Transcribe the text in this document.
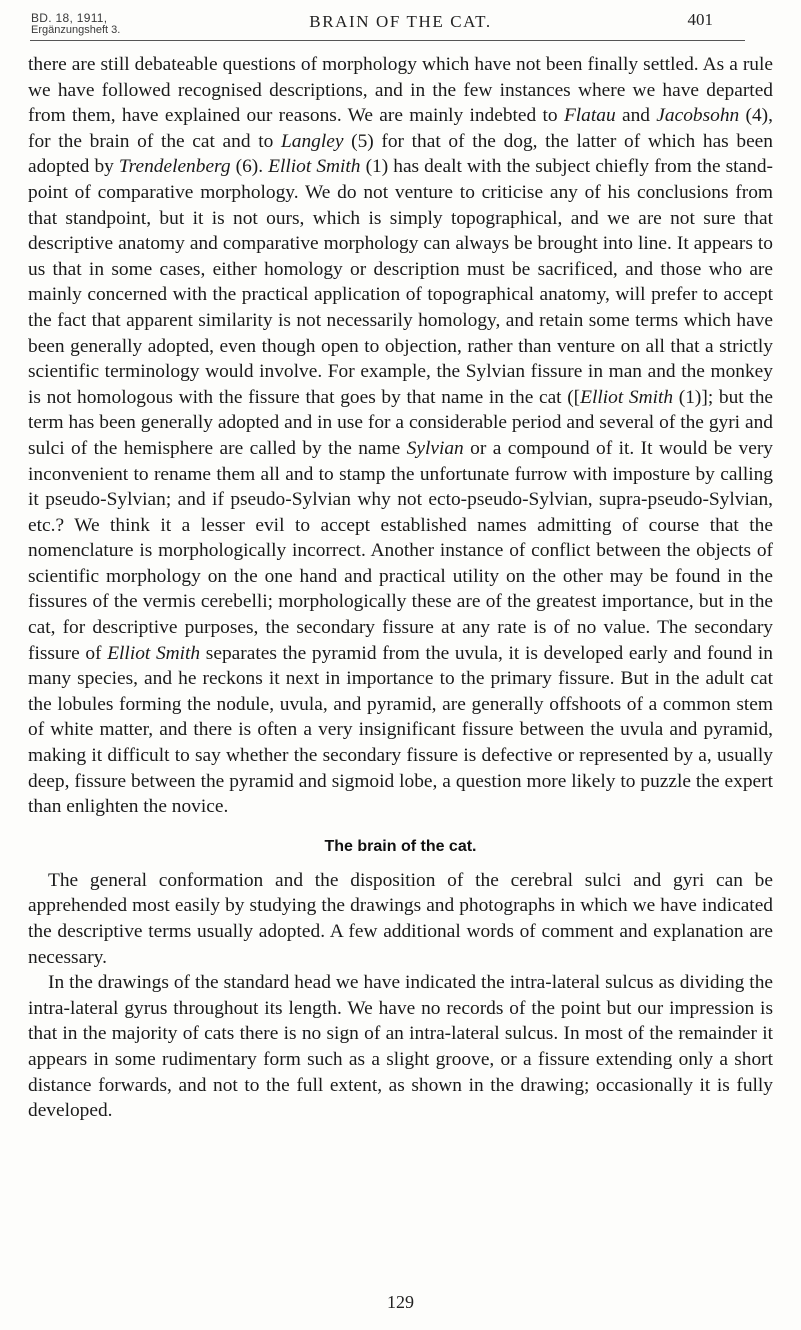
BD. 18, 1911,
Ergänzungsheft 3.	BRAIN OF THE CAT.	401

there are still debateable questions of morphology which have not been finally settled. As a rule we have followed recognised descriptions, and in the few instances where we have departed from them, have explained our reasons. We are mainly indebted to Flatau and Jacobsohn (4), for the brain of the cat and to Langley (5) for that of the dog, the latter of which has been adopted by Trendelenberg (6). Elliot Smith (1) has dealt with the subject chiefly from the stand-point of comparative morphology. We do not venture to criticise any of his conclusions from that standpoint, but it is not ours, which is simply topographical, and we are not sure that descriptive anatomy and comparative morphology can always be brought into line. It appears to us that in some cases, either homology or description must be sacrificed, and those who are mainly concerned with the practical application of topographical anatomy, will prefer to accept the fact that apparent similarity is not necessarily homology, and retain some terms which have been generally adopted, even though open to objection, rather than venture on all that a strictly scientific terminology would involve. For example, the Sylvian fissure in man and the monkey is not homologous with the fissure that goes by that name in the cat ([Elliot Smith (1)]; but the term has been generally adopted and in use for a considerable period and several of the gyri and sulci of the hemisphere are called by the name Sylvian or a compound of it. It would be very inconvenient to rename them all and to stamp the unfortunate furrow with imposture by calling it pseudo-Sylvian; and if pseudo-Sylvian why not ecto-pseudo-Sylvian, supra-pseudo-Sylvian, etc.? We think it a lesser evil to accept established names admitting of course that the nomenclature is morphologically incorrect. Another instance of conflict between the objects of scientific morphology on the one hand and practical utility on the other may be found in the fissures of the vermis cerebelli; morphologically these are of the greatest importance, but in the cat, for descriptive purposes, the secondary fissure at any rate is of no value. The secondary fissure of Elliot Smith separates the pyramid from the uvula, it is developed early and found in many species, and he reckons it next in importance to the primary fissure. But in the adult cat the lobules forming the nodule, uvula, and pyramid, are generally offshoots of a common stem of white matter, and there is often a very insignificant fissure between the uvula and pyramid, making it difficult to say whether the secondary fissure is defective or represented by a, usually deep, fissure between the pyramid and sigmoid lobe, a question more likely to puzzle the expert than enlighten the novice.

The brain of the cat.

The general conformation and the disposition of the cerebral sulci and gyri can be apprehended most easily by studying the drawings and photographs in which we have indicated the descriptive terms usually adopted. A few additional words of comment and explanation are necessary.

In the drawings of the standard head we have indicated the intra-lateral sulcus as dividing the intra-lateral gyrus throughout its length. We have no records of the point but our impression is that in the majority of cats there is no sign of an intra-lateral sulcus. In most of the remainder it appears in some rudimentary form such as a slight groove, or a fissure extending only a short distance forwards, and not to the full extent, as shown in the drawing; occasionally it is fully developed.

129
